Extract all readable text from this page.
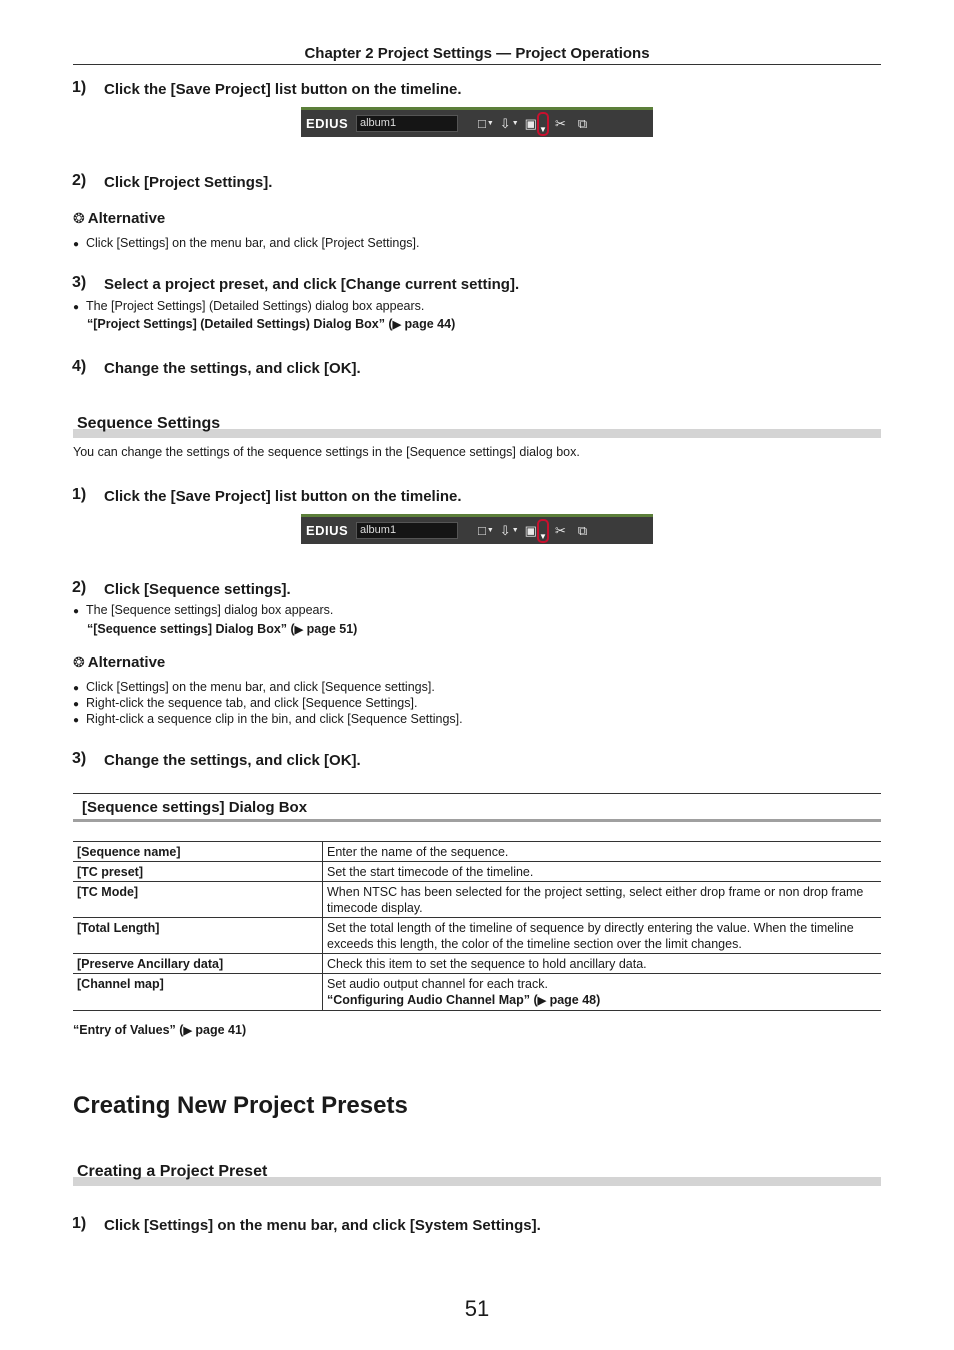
Chapter 2 Project Settings — Project Operations
1) Click the [Save Project] list button on the timeline.
EDIUS	album1	□ ▼ ⇩ ▼ ▣ ▼ ✂ ⧉
2) Click [Project Settings].
❂ Alternative
● Click [Settings] on the menu bar, and click [Project Settings].
3) Select a project preset, and click [Change current setting].
● The [Project Settings] (Detailed Settings) dialog box appears.
“[Project Settings] (Detailed Settings) Dialog Box” (▶ page 44)
4) Change the settings, and click [OK].
Sequence Settings
You can change the settings of the sequence settings in the [Sequence settings] dialog box.
1) Click the [Save Project] list button on the timeline.
EDIUS	album1	□ ▼ ⇩ ▼ ▣ ▼ ✂ ⧉
2) Click [Sequence settings].
● The [Sequence settings] dialog box appears.
“[Sequence settings] Dialog Box” (▶ page 51)
❂ Alternative
● Click [Settings] on the menu bar, and click [Sequence settings].
● Right-click the sequence tab, and click [Sequence Settings].
● Right-click a sequence clip in the bin, and click [Sequence Settings].
3) Change the settings, and click [OK].
[Sequence settings] Dialog Box
[Sequence name]	Enter the name of the sequence.
[TC preset]	Set the start timecode of the timeline.
[TC Mode]	When NTSC has been selected for the project setting, select either drop frame or non drop frame timecode display.
[Total Length]	Set the total length of the timeline of sequence by directly entering the value. When the timeline exceeds this length, the color of the timeline section over the limit changes.
[Preserve Ancillary data]	Check this item to set the sequence to hold ancillary data.
[Channel map]	Set audio output channel for each track.
“Configuring Audio Channel Map” (▶ page 48)
“Entry of Values” (▶ page 41)
Creating New Project Presets
Creating a Project Preset
1) Click [Settings] on the menu bar, and click [System Settings].
51
